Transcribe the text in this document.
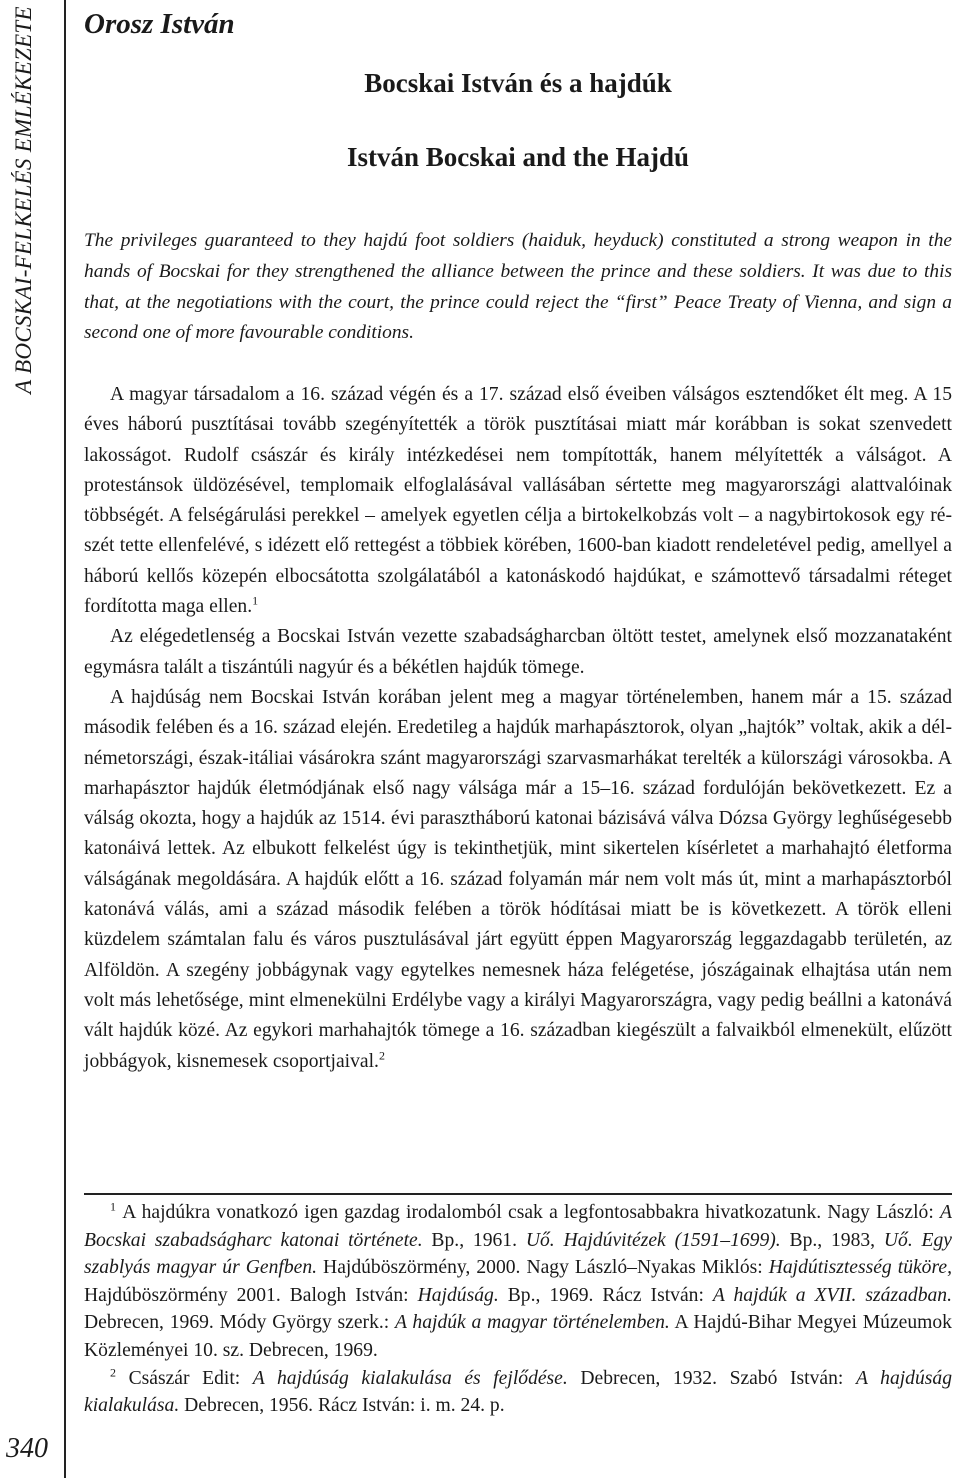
A BOCSKAI-FELKELÉS EMLÉKEZETE
340
Orosz István
Bocskai István és a hajdúk
István Bocskai and the Hajdú

The privileges guaranteed to they hajdú foot soldiers (haiduk, heyduck) constituted a strong weapon in the hands of Bocskai for they strengthened the alliance between the prince and these soldiers. It was due to this that, at the negotiations with the court, the prince could reject the “first” Peace Treaty of Vienna, and sign a second one of more favourable conditions.

A magyar társadalom a 16. század végén és a 17. század első éveiben válságos esztendőket élt meg. A 15 éves háború pusztításai tovább szegényítették a török pusztításai miatt már korábban is sokat szenvedett lakosságot. Rudolf császár és király intézkedései nem tompították, hanem mélyítették a válságot. A protestánsok üldözésével, templomaik elfoglalásával vallásában sértette meg magyarországi alattvalóinak többségét. A felségárulási perekkel – amelyek egyetlen célja a birtokelkobzás volt – a nagybirtokosok egy részét tette ellenfelévé, s idézett elő rettegést a többiek körében, 1600-ban kiadott rendeletével pedig, amellyel a háború kellős közepén elbocsátotta szolgálatából a katonáskodó hajdúkat, e számottevő társadalmi réteget fordította maga ellen.$^1$

Az elégedetlenség a Bocskai István vezette szabadságharcban öltött testet, amelynek első mozzanataként egymásra talált a tiszántúli nagyúr és a békétlen hajdúk tömege.

A hajdúság nem Bocskai István korában jelent meg a magyar történelemben, hanem már a 15. század második felében és a 16. század elején. Eredetileg a hajdúk marhapásztorok, olyan „hajtók” voltak, akik a dél-németországi, észak-itáliai vásárokra szánt magyarországi szarvasmarhákat terelték a külországi városokba. A marhapásztor hajdúk életmódjának első nagy válsága már a 15–16. század fordulóján bekövetkezett. Ez a válság okozta, hogy a hajdúk az 1514. évi parasztháború katonai bázisává válva Dózsa György leghűségesebb katonáivá lettek. Az elbukott felkelést úgy is tekinthetjük, mint sikertelen kísérletet a marhahajtó életforma válságának megoldására. A hajdúk előtt a 16. század folyamán már nem volt más út, mint a marhapásztorból katonává válás, ami a század második felében a török hódításai miatt be is következett. A török elleni küzdelem számtalan falu és város pusztulásával járt együtt éppen Magyarország leggazdagabb területén, az Alföldön. A szegény jobbágynak vagy egytelkes nemesnek háza felégetése, jószágainak elhajtása után nem volt más lehetősége, mint elmenekülni Erdélybe vagy a királyi Magyarországra, vagy pedig beállni a katonává vált hajdúk közé. Az egykori marhahajtók tömege a 16. században kiegészült a falvaikból elmenekült, elűzött jobbágyok, kisnemesek csoportjaival.$^2$

$^1$ A hajdúkra vonatkozó igen gazdag irodalomból csak a legfontosabbakra hivatkozatunk. Nagy László: A Bocskai szabadságharc katonai története. Bp., 1961. Uő. Hajdúvitézek (1591–1699). Bp., 1983, Uő. Egy szablyás magyar úr Genfben. Hajdúböszörmény, 2000. Nagy László–Nyakas Miklós: Hajdútisztesség tüköre, Hajdúböszörmény 2001. Balogh István: Hajdúság. Bp., 1969. Rácz István: A hajdúk a XVII. században. Debrecen, 1969. Módy György szerk.: A hajdúk a magyar történelemben. A Hajdú-Bihar Megyei Múzeumok Közleményei 10. sz. Debrecen, 1969.

$^2$ Császár Edit: A hajdúság kialakulása és fejlődése. Debrecen, 1932. Szabó István: A hajdúság kialakulása. Debrecen, 1956. Rácz István: i. m. 24. p.
